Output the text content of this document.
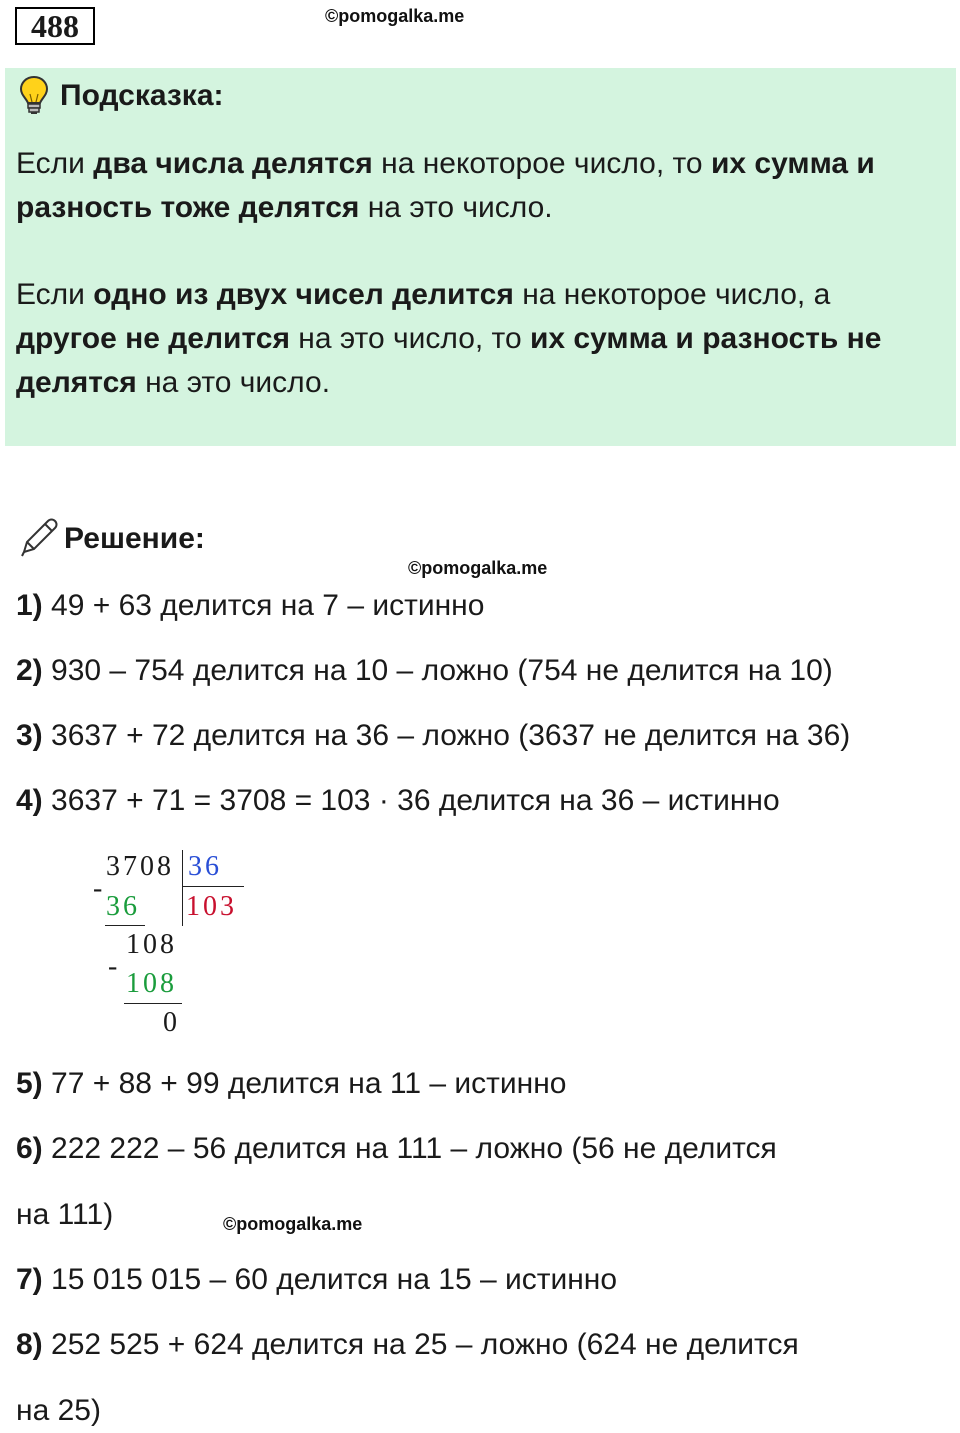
488	©pomogalka.me
Подсказка:

Если два числа делятся на некоторое число, то их сумма и разность тоже делятся на это число.

Если одно из двух чисел делится на некоторое число, а другое не делится на это число, то их сумма и разность не делятся на это число.

Решение:
©pomogalka.me
1) 49 + 63 делится на 7 – истинно
2) 930 – 754 делится на 10 – ложно (754 не делится на 10)
3) 3637 + 72 делится на 36 – ложно (3637 не делится на 36)
4) 3637 + 71 = 3708 = 103 · 36 делится на 36 – истинно
3708 36
-
36 103
108
-
108
0
5) 77 + 88 + 99 делится на 11 – истинно
6) 222 222 – 56 делится на 111 – ложно (56 не делится
на 111)	©pomogalka.me
7) 15 015 015 – 60 делится на 15 – истинно
8) 252 525 + 624 делится на 25 – ложно (624 не делится
на 25)
